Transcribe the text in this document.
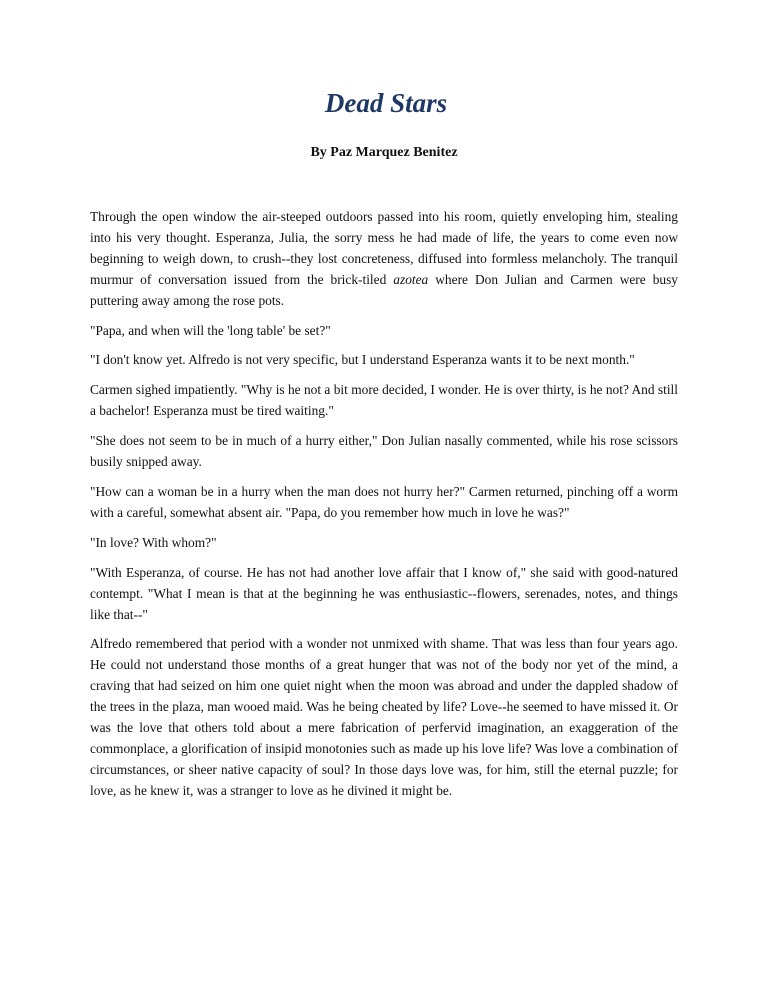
Dead Stars
By Paz Marquez Benitez

Through the open window the air-steeped outdoors passed into his room, quietly enveloping him, stealing into his very thought. Esperanza, Julia, the sorry mess he had made of life, the years to come even now beginning to weigh down, to crush--they lost concreteness, diffused into formless melancholy. The tranquil murmur of conversation issued from the brick-tiled azotea where Don Julian and Carmen were busy puttering away among the rose pots.

"Papa, and when will the 'long table' be set?"

"I don't know yet. Alfredo is not very specific, but I understand Esperanza wants it to be next month."

Carmen sighed impatiently. "Why is he not a bit more decided, I wonder. He is over thirty, is he not? And still a bachelor! Esperanza must be tired waiting."

"She does not seem to be in much of a hurry either," Don Julian nasally commented, while his rose scissors busily snipped away.

"How can a woman be in a hurry when the man does not hurry her?" Carmen returned, pinching off a worm with a careful, somewhat absent air. "Papa, do you remember how much in love he was?"

"In love? With whom?"

"With Esperanza, of course. He has not had another love affair that I know of," she said with good-natured contempt. "What I mean is that at the beginning he was enthusiastic--flowers, serenades, notes, and things like that--"

Alfredo remembered that period with a wonder not unmixed with shame. That was less than four years ago. He could not understand those months of a great hunger that was not of the body nor yet of the mind, a craving that had seized on him one quiet night when the moon was abroad and under the dappled shadow of the trees in the plaza, man wooed maid. Was he being cheated by life? Love--he seemed to have missed it. Or was the love that others told about a mere fabrication of perfervid imagination, an exaggeration of the commonplace, a glorification of insipid monotonies such as made up his love life? Was love a combination of circumstances, or sheer native capacity of soul? In those days love was, for him, still the eternal puzzle; for love, as he knew it, was a stranger to love as he divined it might be.
